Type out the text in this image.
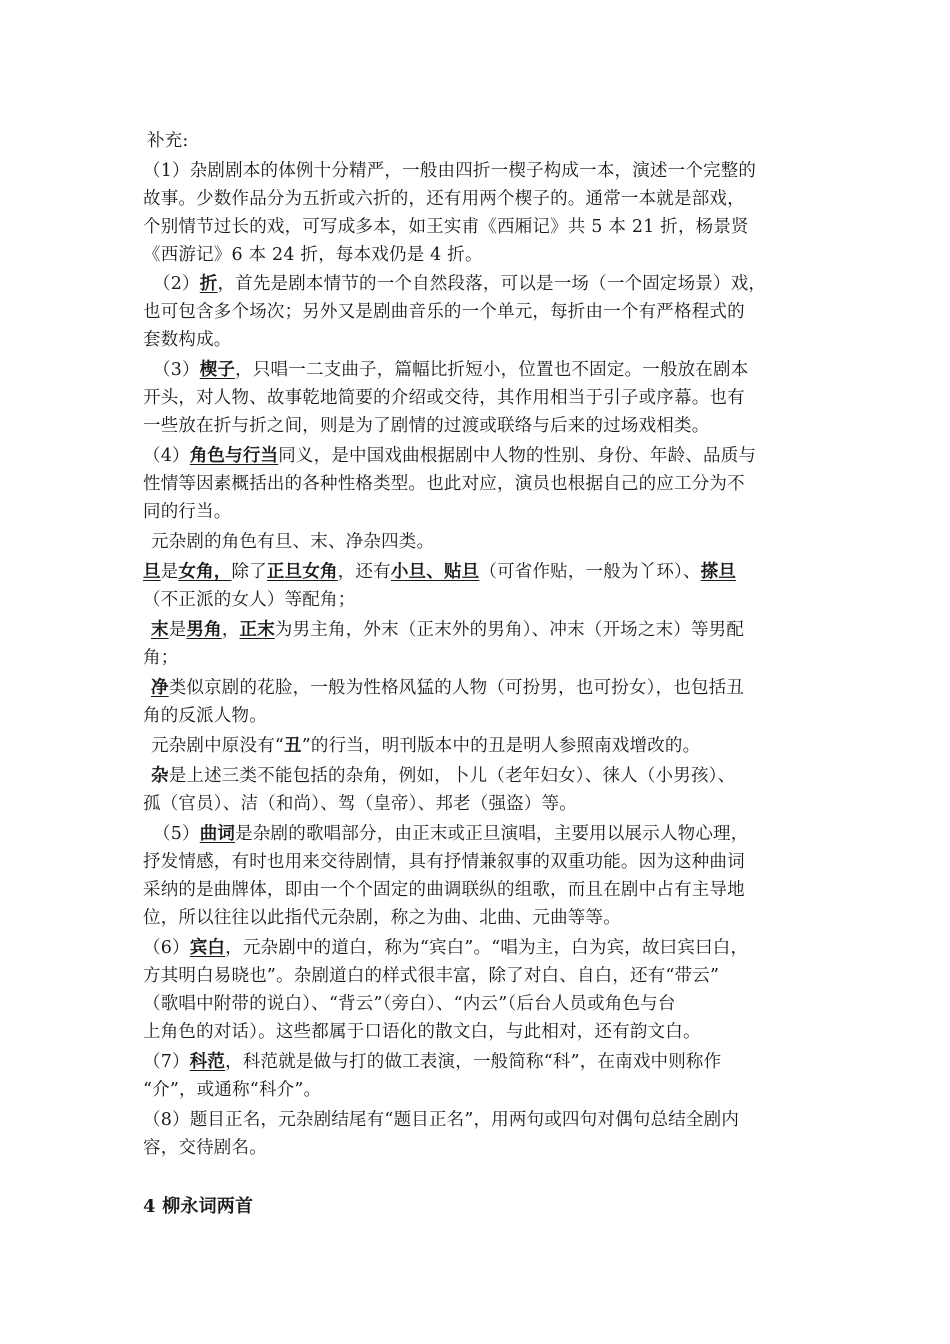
补充:
（1）杂剧剧本的体例十分精严，一般由四折一楔子构成一本，演述一个完整的
故事。少数作品分为五折或六折的，还有用两个楔子的。通常一本就是部戏，
个别情节过长的戏，可写成多本，如王实甫《西厢记》共 5 本 21 折，杨景贤
《西游记》6 本 24 折，每本戏仍是 4 折。
（2）折，首先是剧本情节的一个自然段落，可以是一场（一个固定场景）戏，
也可包含多个场次；另外又是剧曲音乐的一个单元，每折由一个有严格程式的
套数构成。
（3）楔子，只唱一二支曲子，篇幅比折短小，位置也不固定。一般放在剧本
开头，对人物、故事乾地简要的介绍或交待，其作用相当于引子或序幕。也有
一些放在折与折之间，则是为了剧情的过渡或联络与后来的过场戏相类。
（4）角色与行当同义，是中国戏曲根据剧中人物的性别、身份、年龄、品质与
性情等因素概括出的各种性格类型。也此对应，演员也根据自己的应工分为不
同的行当。
元杂剧的角色有旦、末、净杂四类。
旦是女角，除了正旦女角，还有小旦、贴旦（可省作贴，一般为丫环）、搽旦
（不正派的女人）等配角；
末是男角，正末为男主角，外末（正末外的男角）、冲末（开场之末）等男配
角；
净类似京剧的花脸，一般为性格风猛的人物（可扮男，也可扮女），也包括丑
角的反派人物。
元杂剧中原没有“丑”的行当，明刊版本中的丑是明人参照南戏增改的。
杂是上述三类不能包括的杂角，例如，卜儿（老年妇女）、徕人（小男孩）、
孤（官员）、洁（和尚）、驾（皇帝）、邦老（强盗）等。
（5）曲词是杂剧的歌唱部分，由正末或正旦演唱，主要用以展示人物心理，
抒发情感，有时也用来交待剧情，具有抒情兼叙事的双重功能。因为这种曲词
采纳的是曲牌体，即由一个个固定的曲调联纵的组歌，而且在剧中占有主导地
位，所以往往以此指代元杂剧，称之为曲、北曲、元曲等等。
（6）宾白，元杂剧中的道白，称为“宾白”。“唱为主，白为宾，故曰宾曰白，
方其明白易晓也”。杂剧道白的样式很丰富，除了对白、自白，还有“带云”
（歌唱中附带的说白）、“背云”（旁白）、“内云”（后台人员或角色与台
上角色的对话）。这些都属于口语化的散文白，与此相对，还有韵文白。
（7）科范，科范就是做与打的做工表演，一般简称“科”，在南戏中则称作
“介”，或通称“科介”。
（8）题目正名，元杂剧结尾有“题目正名”，用两句或四句对偶句总结全剧内
容，交待剧名。
4 柳永词两首
